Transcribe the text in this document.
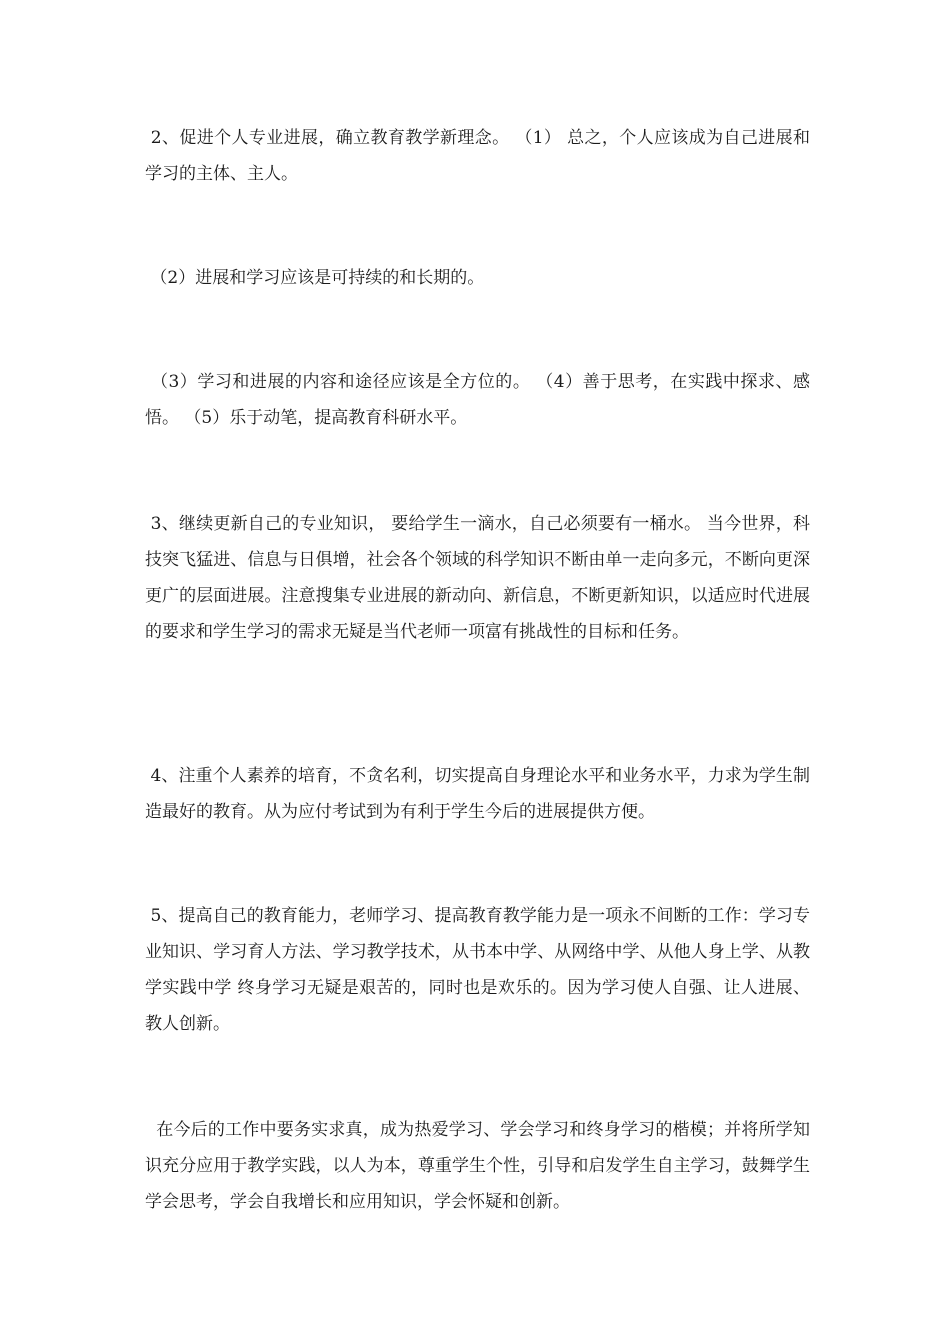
2、促进个人专业进展，确立教育教学新理念。 （1） 总之，个人应该成为自己进展和学习的主体、主人。

（2）进展和学习应该是可持续的和长期的。

（3）学习和进展的内容和途径应该是全方位的。 （4）善于思考，在实践中探求、感悟。 （5）乐于动笔，提高教育科研水平。

3、继续更新自己的专业知识， 要给学生一滴水，自己必须要有一桶水。 当今世界，科技突飞猛进、信息与日俱增，社会各个领域的科学知识不断由单一走向多元，不断向更深更广的层面进展。注意搜集专业进展的新动向、新信息，不断更新知识，以适应时代进展的要求和学生学习的需求无疑是当代老师一项富有挑战性的目标和任务。

4、注重个人素养的培育，不贪名利，切实提高自身理论水平和业务水平，力求为学生制造最好的教育。从为应付考试到为有利于学生今后的进展提供方便。

5、提高自己的教育能力，老师学习、提高教育教学能力是一项永不间断的工作：学习专业知识、学习育人方法、学习教学技术，从书本中学、从网络中学、从他人身上学、从教学实践中学 终身学习无疑是艰苦的，同时也是欢乐的。因为学习使人自强、让人进展、教人创新。

在今后的工作中要务实求真，成为热爱学习、学会学习和终身学习的楷模；并将所学知识充分应用于教学实践，以人为本，尊重学生个性，引导和启发学生自主学习，鼓舞学生学会思考，学会自我增长和应用知识，学会怀疑和创新。
